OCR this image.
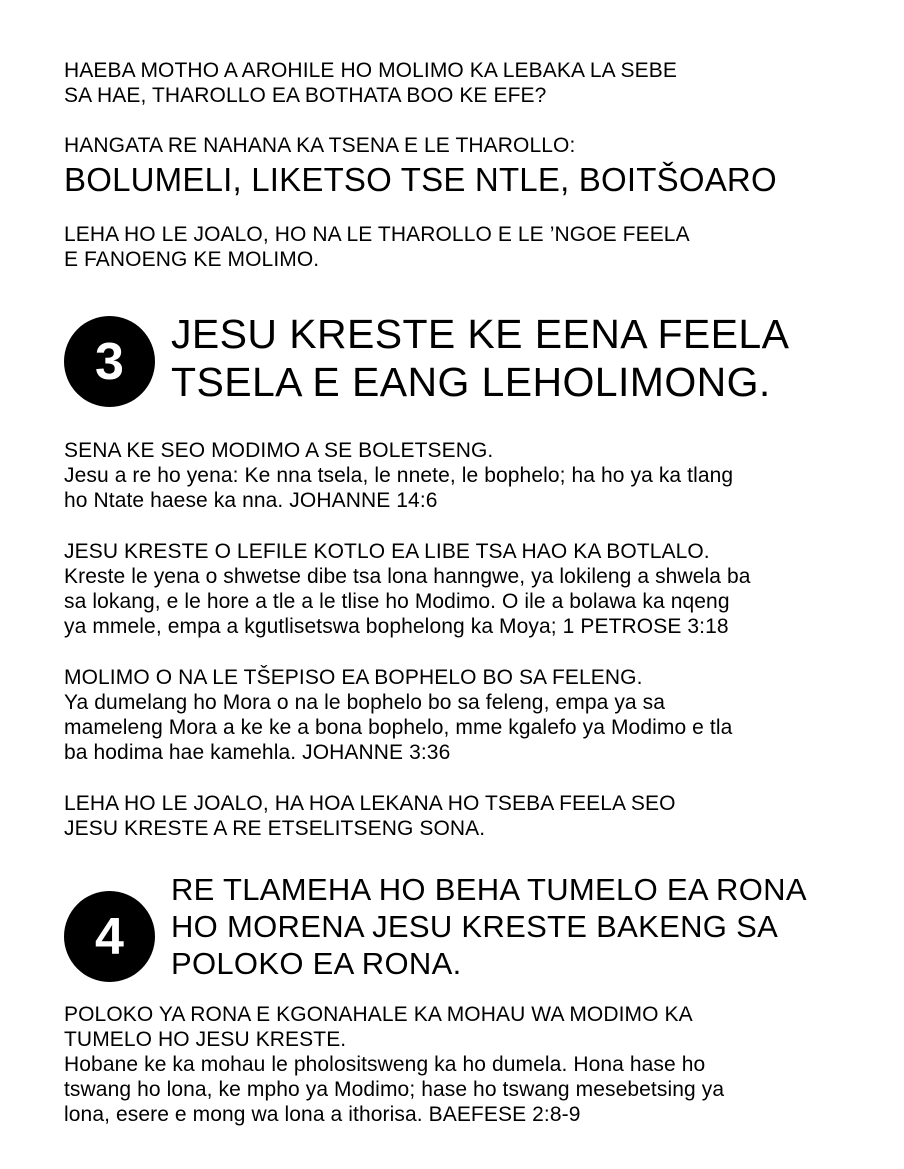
HAEBA MOTHO A AROHILE HO MOLIMO KA LEBAKA LA SEBE
SA HAE, THAROLLO EA BOTHATA BOO KE EFE?

HANGATA RE NAHANA KA TSENA E LE THAROLLO:

BOLUMELI, LIKETSO TSE NTLE, BOITŠOARO

LEHA HO LE JOALO, HO NA LE THAROLLO E LE ’NGOE FEELA
E FANOENG KE MOLIMO.

3	JESU KRESTE KE EENA FEELA
TSELA E EANG LEHOLIMONG.

SENA KE SEO MODIMO A SE BOLETSENG.
Jesu a re ho yena: Ke nna tsela, le nnete, le bophelo; ha ho ya ka tlang
ho Ntate haese ka nna. JOHANNE 14:6

JESU KRESTE O LEFILE KOTLO EA LIBE TSA HAO KA BOTLALO.
Kreste le yena o shwetse dibe tsa lona hanngwe, ya lokileng a shwela ba
sa lokang, e le hore a tle a le tlise ho Modimo. O ile a bolawa ka nqeng
ya mmele, empa a kgutlisetswa bophelong ka Moya; 1 PETROSE 3:18

MOLIMO O NA LE TŠEPISO EA BOPHELO BO SA FELENG.
Ya dumelang ho Mora o na le bophelo bo sa feleng, empa ya sa
mameleng Mora a ke ke a bona bophelo, mme kgalefo ya Modimo e tla
ba hodima hae kamehla. JOHANNE 3:36

LEHA HO LE JOALO, HA HOA LEKANA HO TSEBA FEELA SEO
JESU KRESTE A RE ETSELITSENG SONA.

4
RE TLAMEHA HO BEHA TUMELO EA RONA
HO MORENA JESU KRESTE BAKENG SA
POLOKO EA RONA.

POLOKO YA RONA E KGONAHALE KA MOHAU WA MODIMO KA
TUMELO HO JESU KRESTE.
Hobane ke ka mohau le pholositsweng ka ho dumela. Hona hase ho
tswang ho lona, ke mpho ya Modimo; hase ho tswang mesebetsing ya
lona, esere e mong wa lona a ithorisa. BAEFESE 2:8-9
